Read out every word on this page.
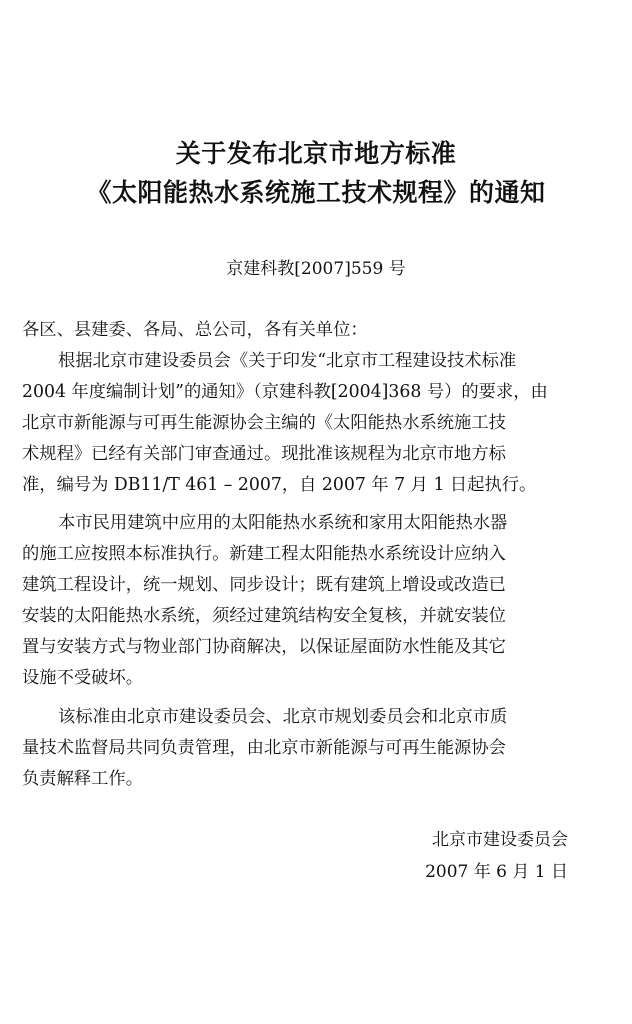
关于发布北京市地方标准
《太阳能热水系统施工技术规程》的通知
京建科教[2007]559 号
各区、县建委、各局、总公司，各有关单位：
根据北京市建设委员会《关于印发“北京市工程建设技术标准
2004 年度编制计划”的通知》（京建科教[2004]368 号）的要求，由
北京市新能源与可再生能源协会主编的《太阳能热水系统施工技
术规程》已经有关部门审查通过。现批准该规程为北京市地方标
准，编号为 DB11/T 461 – 2007，自 2007 年 7 月 1 日起执行。
本市民用建筑中应用的太阳能热水系统和家用太阳能热水器
的施工应按照本标准执行。新建工程太阳能热水系统设计应纳入
建筑工程设计，统一规划、同步设计；既有建筑上增设或改造已
安装的太阳能热水系统，须经过建筑结构安全复核，并就安装位
置与安装方式与物业部门协商解决，以保证屋面防水性能及其它
设施不受破坏。
该标准由北京市建设委员会、北京市规划委员会和北京市质
量技术监督局共同负责管理，由北京市新能源与可再生能源协会
负责解释工作。
北京市建设委员会
2007 年 6 月 1 日
